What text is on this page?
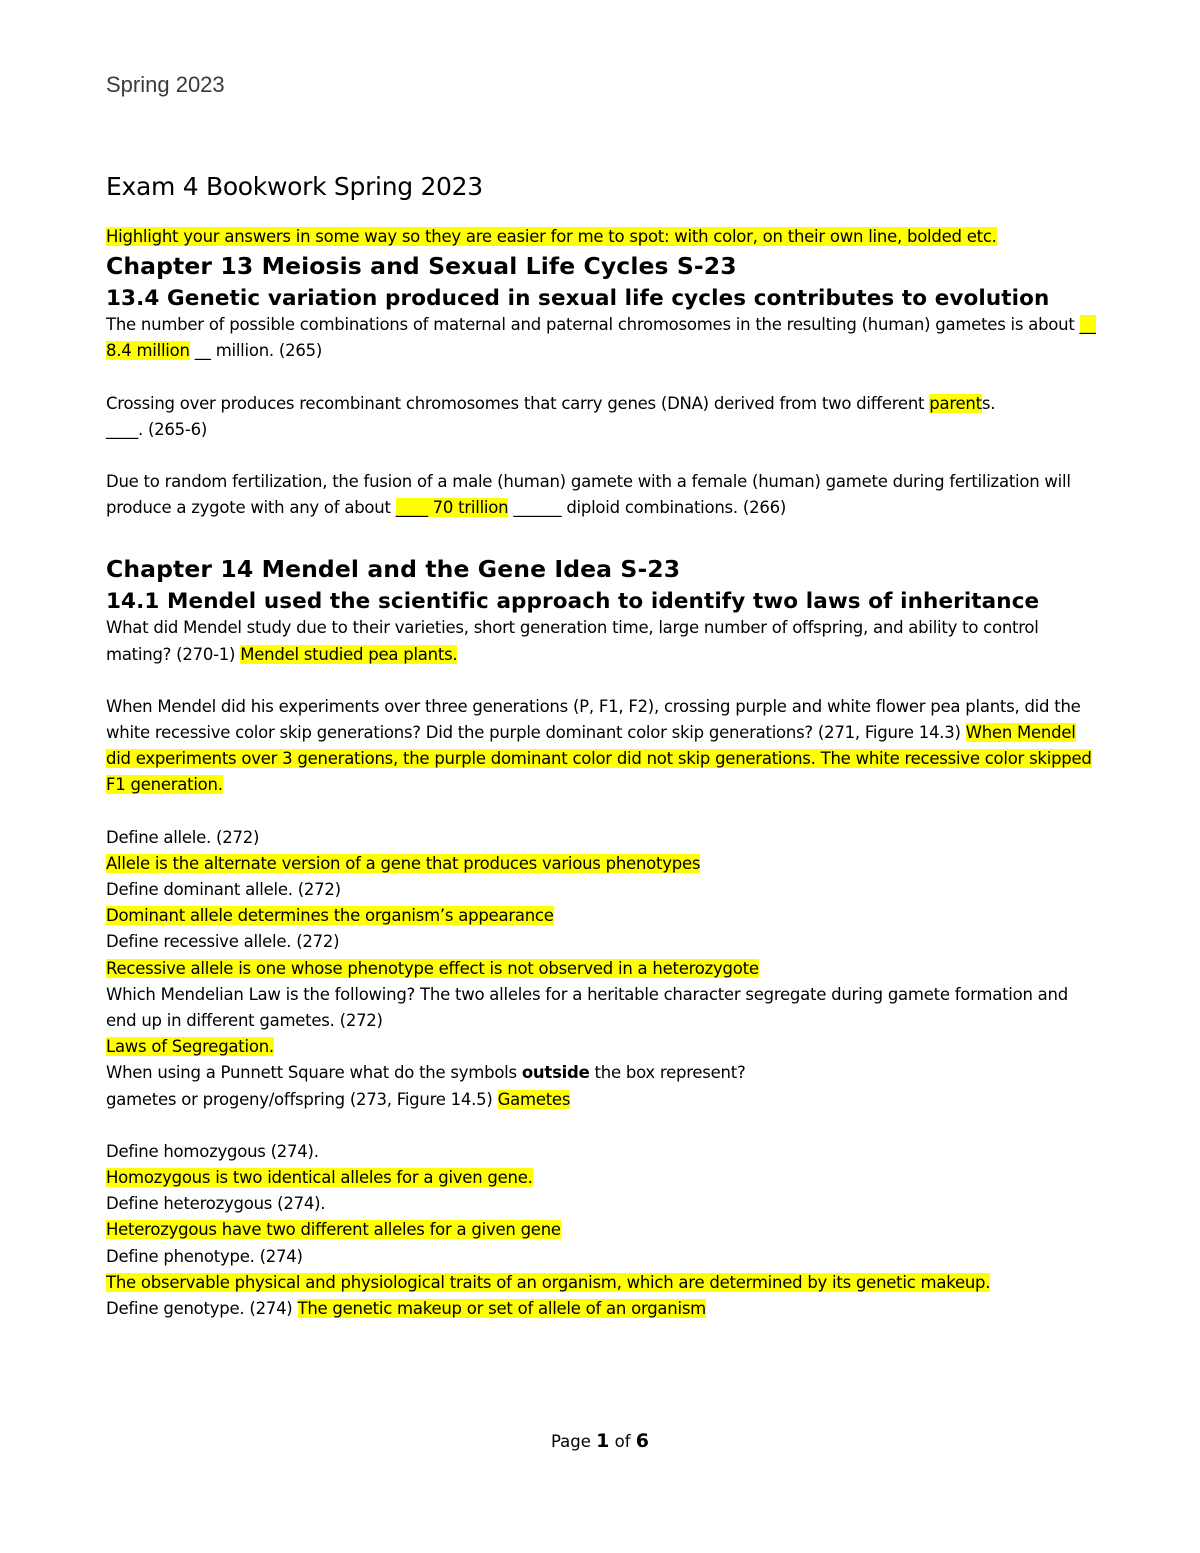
Spring 2023
Exam 4 Bookwork Spring 2023

Highlight your answers in some way so they are easier for me to spot: with color, on their own line, bolded etc.

Chapter 13 Meiosis and Sexual Life Cycles S-23
13.4 Genetic variation produced in sexual life cycles contributes to evolution

The number of possible combinations of maternal and paternal chromosomes in the resulting (human) gametes is about __ 8.4 million __ million. (265)

Crossing over produces recombinant chromosomes that carry genes (DNA) derived from two different parents.
____. (265-6)

Due to random fertilization, the fusion of a male (human) gamete with a female (human) gamete during fertilization will produce a zygote with any of about ____ 70 trillion ______ diploid combinations. (266)

Chapter 14 Mendel and the Gene Idea S-23
14.1 Mendel used the scientific approach to identify two laws of inheritance

What did Mendel study due to their varieties, short generation time, large number of offspring, and ability to control mating? (270-1) Mendel studied pea plants.

When Mendel did his experiments over three generations (P, F1, F2), crossing purple and white flower pea plants, did the white recessive color skip generations? Did the purple dominant color skip generations? (271, Figure 14.3) When Mendel did experiments over 3 generations, the purple dominant color did not skip generations. The white recessive color skipped F1 generation.

Define allele. (272)

Allele is the alternate version of a gene that produces various phenotypes

Define dominant allele. (272)

Dominant allele determines the organism’s appearance

Define recessive allele. (272)

Recessive allele is one whose phenotype effect is not observed in a heterozygote

Which Mendelian Law is the following? The two alleles for a heritable character segregate during gamete formation and end up in different gametes. (272)

Laws of Segregation.

When using a Punnett Square what do the symbols outside the box represent?
gametes or progeny/offspring (273, Figure 14.5) Gametes

Define homozygous (274).

Homozygous is two identical alleles for a given gene.

Define heterozygous (274).

Heterozygous have two different alleles for a given gene

Define phenotype. (274)

The observable physical and physiological traits of an organism, which are determined by its genetic makeup.

Define genotype. (274) The genetic makeup or set of allele of an organism

Page 1 of 6
